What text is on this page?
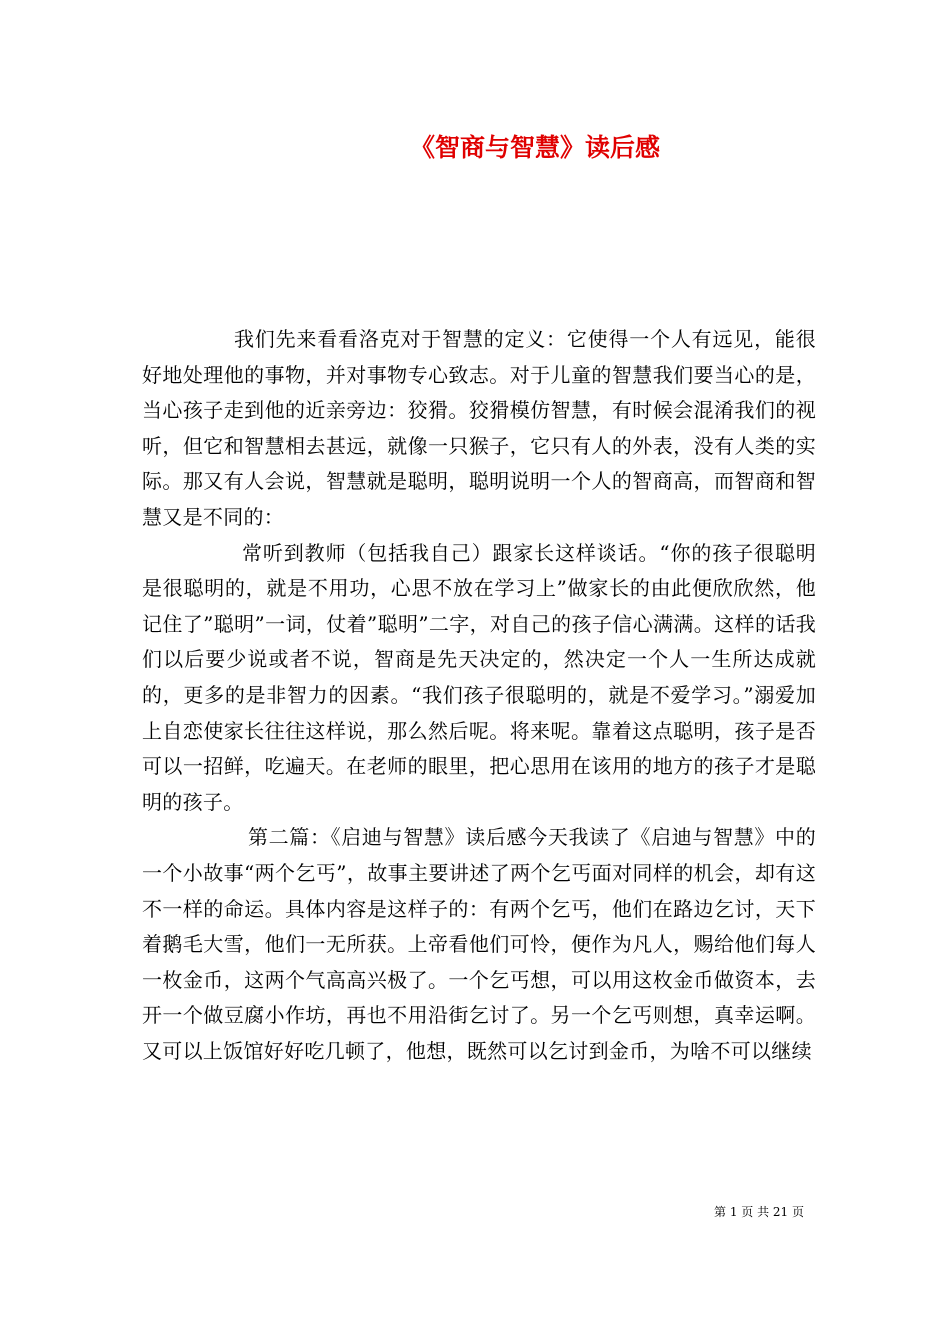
《智商与智慧》读后感

我们先来看看洛克对于智慧的定义：它使得一个人有远见，能很好地处理他的事物，并对事物专心致志。对于儿童的智慧我们要当心的是，当心孩子走到他的近亲旁边：狡猾。狡猾模仿智慧，有时候会混淆我们的视听，但它和智慧相去甚远，就像一只猴子，它只有人的外表，没有人类的实际。那又有人会说，智慧就是聪明，聪明说明一个人的智商高，而智商和智慧又是不同的：

常听到教师（包括我自己）跟家长这样谈话。“你的孩子很聪明是很聪明的，就是不用功，心思不放在学习上”做家长的由此便欣欣然，他记住了”聪明”一词，仗着”聪明”二字，对自己的孩子信心满满。这样的话我们以后要少说或者不说，智商是先天决定的，然决定一个人一生所达成就的，更多的是非智力的因素。“我们孩子很聪明的，就是不爱学习。”溺爱加上自恋使家长往往这样说，那么然后呢。将来呢。靠着这点聪明，孩子是否可以一招鲜，吃遍天。在老师的眼里，把心思用在该用的地方的孩子才是聪明的孩子。

第二篇：《启迪与智慧》读后感今天我读了《启迪与智慧》中的一个小故事“两个乞丐”，故事主要讲述了两个乞丐面对同样的机会，却有这不一样的命运。具体内容是这样子的：有两个乞丐，他们在路边乞讨，天下着鹅毛大雪，他们一无所获。上帝看他们可怜，便作为凡人，赐给他们每人一枚金币，这两个气高高兴极了。一个乞丐想，可以用这枚金币做资本，去开一个做豆腐小作坊，再也不用沿街乞讨了。另一个乞丐则想，真幸运啊。又可以上饭馆好好吃几顿了，他想，既然可以乞讨到金币，为啥不可以继续

第 1 页 共 21 页
